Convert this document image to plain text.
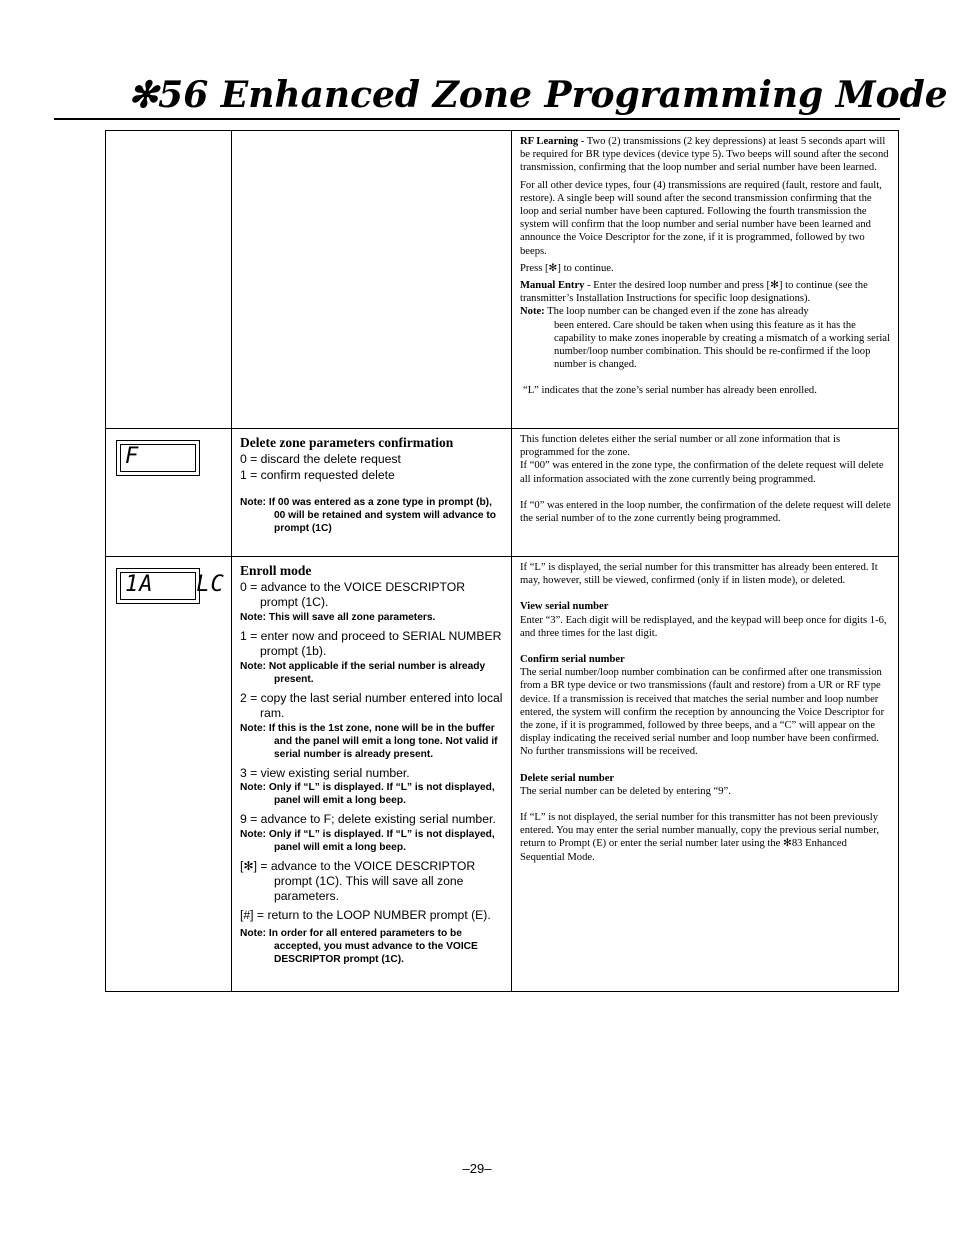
✻56 Enhanced Zone Programming Mode

RF Learning - Two (2) transmissions (2 key depressions) at least 5 seconds apart will be required for BR type devices (device type 5). Two beeps will sound after the second transmission, confirming that the loop number and serial number have been learned.

For all other device types, four (4) transmissions are required (fault, restore and fault, restore). A single beep will sound after the second transmission confirming that the loop and serial number have been captured. Following the fourth transmission the system will confirm that the loop number and serial number have been learned and announce the Voice Descriptor for the zone, if it is programmed, followed by two beeps.

Press [✻] to continue.

Manual Entry - Enter the desired loop number and press [✻] to continue (see the transmitter’s Installation Instructions for specific loop designations).

Note: The loop number can be changed even if the zone has already

been entered. Care should be taken when using this feature as it has the capability to make zones inoperable by creating a mismatch of a working serial number/loop number combination. This should be re-confirmed if the loop number is changed.

“L” indicates that the zone’s serial number has already been enrolled.

F
Delete zone parameters confirmation
0 = discard the delete request
1 = confirm requested delete
Note: If 00 was entered as a zone type in prompt (b), 00 will be retained and system will advance to prompt (1C)

This function deletes either the serial number or all zone information that is programmed for the zone.

If “00” was entered in the zone type, the confirmation of the delete request will delete all information associated with the zone currently being programmed.

If “0” was entered in the loop number, the confirmation of the delete request will delete the serial number of to the zone currently being programmed.

1A   LC
Enroll mode
0 = advance to the VOICE DESCRIPTOR prompt (1C).
Note: This will save all zone parameters.
1 = enter now and proceed to SERIAL NUMBER prompt (1b).
Note: Not applicable if the serial number is already present.
2 = copy the last serial number entered into local ram.
Note: If this is the 1st zone, none will be in the buffer and the panel will emit a long tone. Not valid if serial number is already present.
3 = view existing serial number.
Note: Only if “L” is displayed. If “L” is not displayed, panel will emit a long beep.
9 = advance to F; delete existing serial number.
Note: Only if “L” is displayed. If “L” is not displayed, panel will emit a long beep.
[✻] = advance to the VOICE DESCRIPTOR prompt (1C). This will save all zone parameters.
[#] = return to the LOOP NUMBER prompt (E).
Note: In order for all entered parameters to be accepted, you must advance to the VOICE DESCRIPTOR prompt (1C).

If “L” is displayed, the serial number for this transmitter has already been entered. It may, however, still be viewed, confirmed (only if in listen mode), or deleted.

View serial number

Enter “3”. Each digit will be redisplayed, and the keypad will beep once for digits 1-6, and three times for the last digit.

Confirm serial number

The serial number/loop number combination can be confirmed after one transmission from a BR type device or two transmissions (fault and restore) from a UR or RF type device. If a transmission is received that matches the serial number and loop number entered, the system will confirm the reception by announcing the Voice Descriptor for the zone, if it is programmed, followed by three beeps, and a “C” will appear on the display indicating the received serial number and loop number have been confirmed. No further transmissions will be received.

Delete serial number

The serial number can be deleted by entering “9”.

If “L” is not displayed, the serial number for this transmitter has not been previously entered. You may enter the serial number manually, copy the previous serial number, return to Prompt (E) or enter the serial number later using the ✻83 Enhanced Sequential Mode.

–29–
